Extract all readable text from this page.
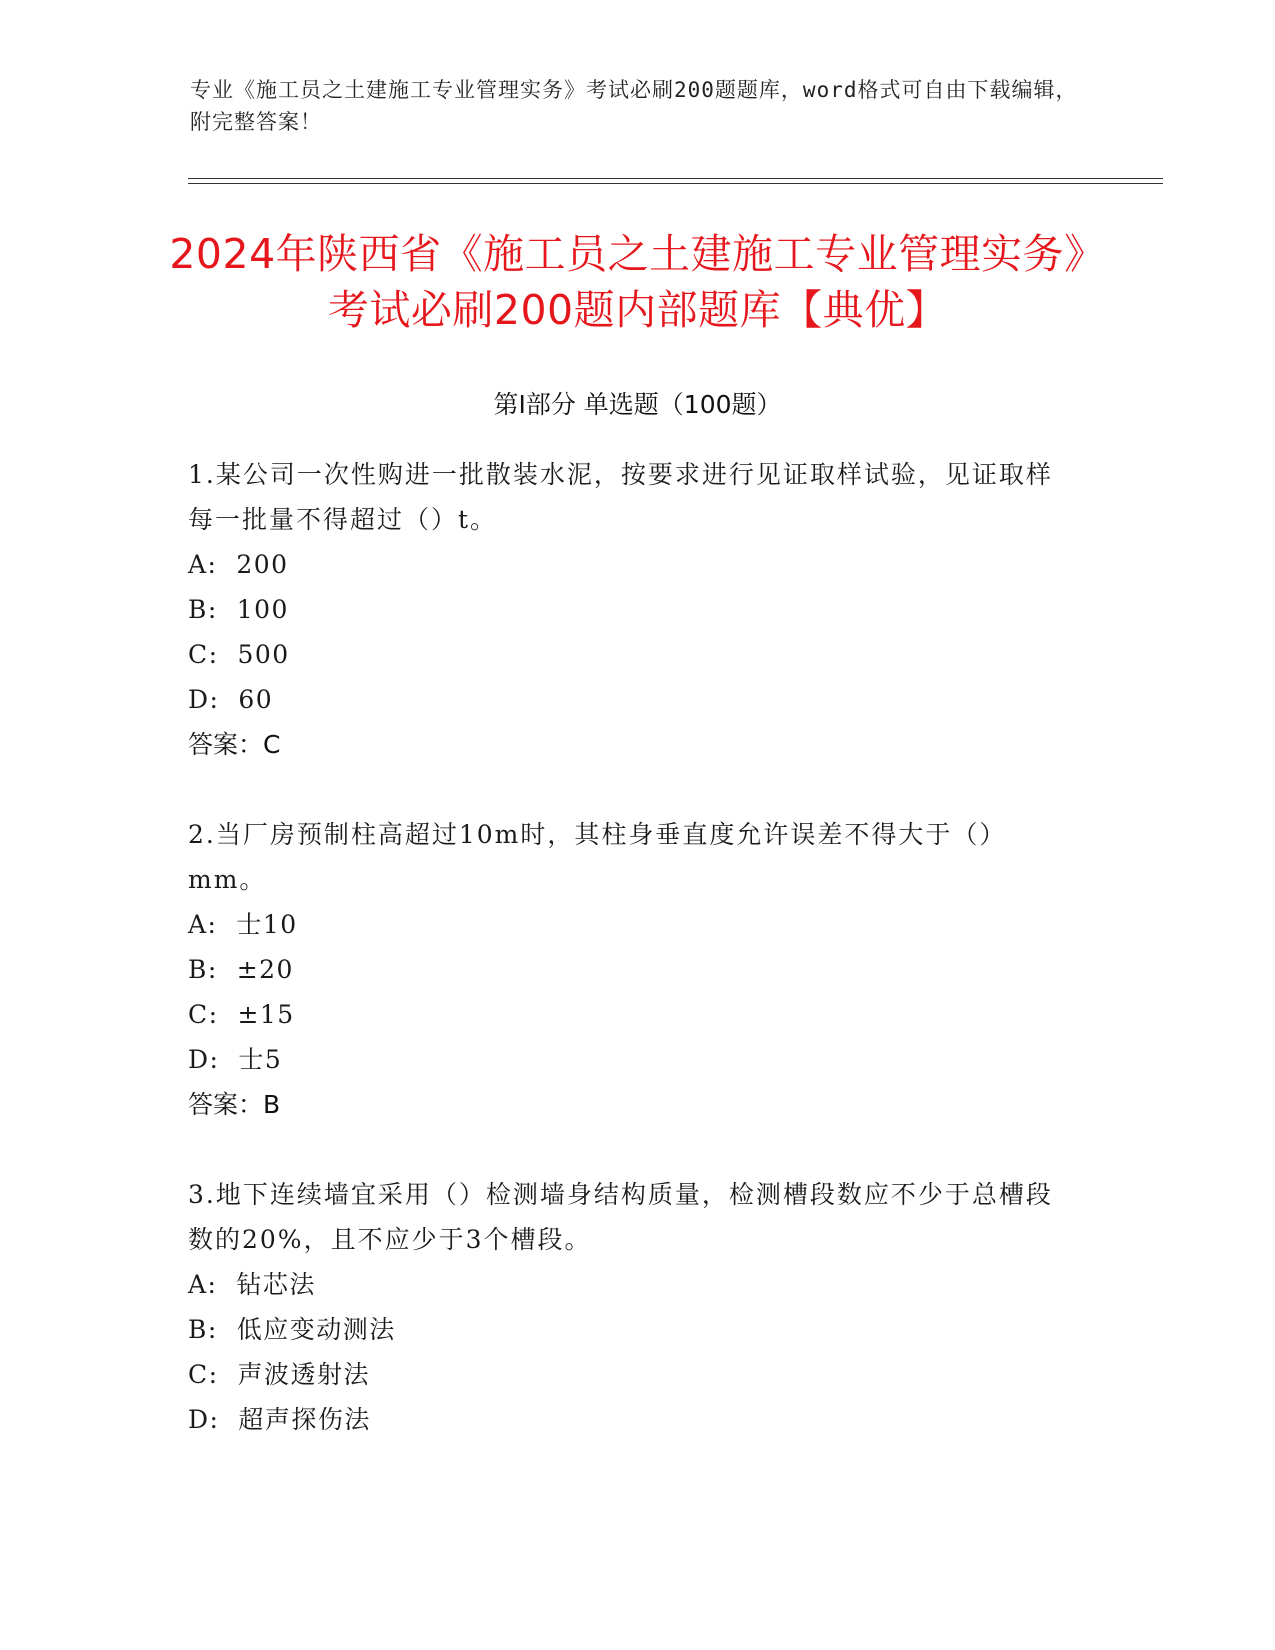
专业《施工员之土建施工专业管理实务》考试必刷200题题库，word格式可自由下载编辑，附完整答案！
2024年陕西省《施工员之土建施工专业管理实务》考试必刷200题内部题库【典优】
第Ⅰ部分 单选题（100题）
1.某公司一次性购进一批散装水泥，按要求进行见证取样试验，见证取样每一批量不得超过（）t。
A:  200
B:  100
C:  500
D:  60
答案：C
2.当厂房预制柱高超过10m时，其柱身垂直度允许误差不得大于（）mm。
A:  士10
B:  ±20
C:  ±15
D:  士5
答案：B
3.地下连续墙宜采用（）检测墙身结构质量，检测槽段数应不少于总槽段数的20%，且不应少于3个槽段。
A:  钻芯法
B:  低应变动测法
C:  声波透射法
D:  超声探伤法
